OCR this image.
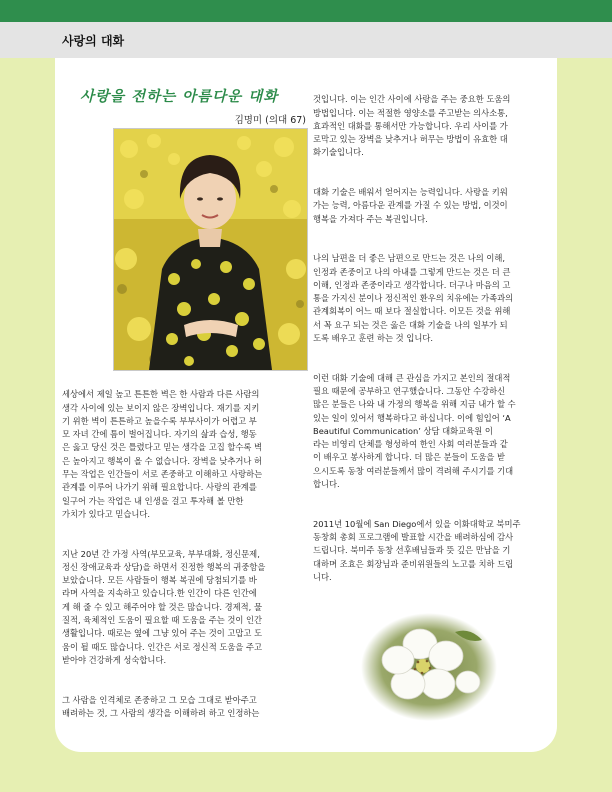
사랑의 대화
사랑을 전하는 아름다운 대화
김명미 (의대 67)

세상에서 제일 높고 튼튼한 벽은 한 사람과 다른 사람의
생각 사이에 있는 보이지 않은 장벽입니다. 재기를 지키
기 위한 벽이 튼튼하고 높을수록 부부사이가 어렵고 부
모 자녀 간에 틈이 벌어집니다. 자기의 삶과 습성, 행동
은 옳고 당신 것은 틀렸다고 믿는 생각을 고집 할수록 벽
은 높아지고 행복이 올 수 없습니다. 장벽을 낮추거나 허
무는 작업은 인간들이 서로 존중하고 이해하고 사랑하는
관계를 이루어 나가기 위해 필요합니다. 사랑의 관계를
일구어 가는 작업은 내 인생을 걸고 투자해 볼 만한
가치가 있다고 믿습니다.

지난 20년 간 가정 사역(부모교육, 부부대화, 정신문제,
정신 장애교육과 상담)을 하면서 진정한 행복의 귀중함을
보았습니다. 모든 사람들이 행복 복권에 당첨되기를 바
라며 사역을 지속하고 있습니다.한 인간이 다른 인간에
게 해 줄 수 있고 해주어야 할 것은 많습니다. 경제적, 물
질적, 육체적인 도움이 필요할 때 도움을 주는 것이 인간
생활입니다. 때로는 옆에 그냥 있어 주는 것이 고맙고 도
움이 될 때도 많습니다. 인간은 서로 정신적 도움을 주고
받아야 건강하게 성숙합니다.

그 사람을 인격체로 존중하고 그 모습 그대로 받아주고
배려하는 것, 그 사람의 생각을 이해하려 하고 인정하는

것입니다. 이는 인간 사이에 사랑을 주는 중요한 도움의
방법입니다. 이는 적절한 영양소를 주고받는 의사소통,
효과적인 대화를 통해서만 가능합니다. 우리 사이를 가
로막고 있는 장벽을 낮추거나 허무는 방법이 유효한 대
화기술입니다.

대화 기술은 배워서 얻어지는 능력입니다. 사랑을 키워
가는 능력, 아름다운 관계를 가질 수 있는 방법, 이것이
행복을 가져다 주는 복권입니다.

나의 남편을 더 좋은 남편으로 만드는 것은 나의 이해,
인정과 존중이고 나의 아내를 그렇게 만드는 것은 더 큰
이해, 인정과 존중이라고 생각합니다. 더구나 마음의 고
통을 가지신 분이나 정신적인 환우의 치유에는 가족과의
관계회복이 어느 때 보다 절실합니다. 이모든 것을 위해
서 꼭 요구 되는 것은 옳은 대화 기술을 나의 일부가 되
도록 배우고 훈련 하는 것 입니다.

이런 대화 기술에 대해 큰 관심을 가지고 본인의 절대적
필요 때문에 공부하고 연구했습니다. 그동안 수강하신
많은 분들은 나와 내 가정의 행복을 위해 지금 내가 할 수
있는 일이 있어서 행복하다고 하십니다. 이에 힘입어 ‘A
Beautiful Communication’ 상담 대화교육원 이
라는 비영리 단체를 형성하여 한인 사회 여러분들과 같
이 배우고 봉사하게 합니다. 더 많은 분들이 도움을 받
으시도록 동창 여러분들께서 많이 격려해 주시기를 기대
합니다.

2011년 10월에 San Diego에서 있을 이화대학교 북미주
동창회 총회 프로그램에 발표할 시간을 배려하심에 감사
드립니다. 북미주 동창 선후배님들과 뜻 깊은 만남을 기
대하며 조효은 회장님과 준비위원들의 노고를 치하 드립
니다.
